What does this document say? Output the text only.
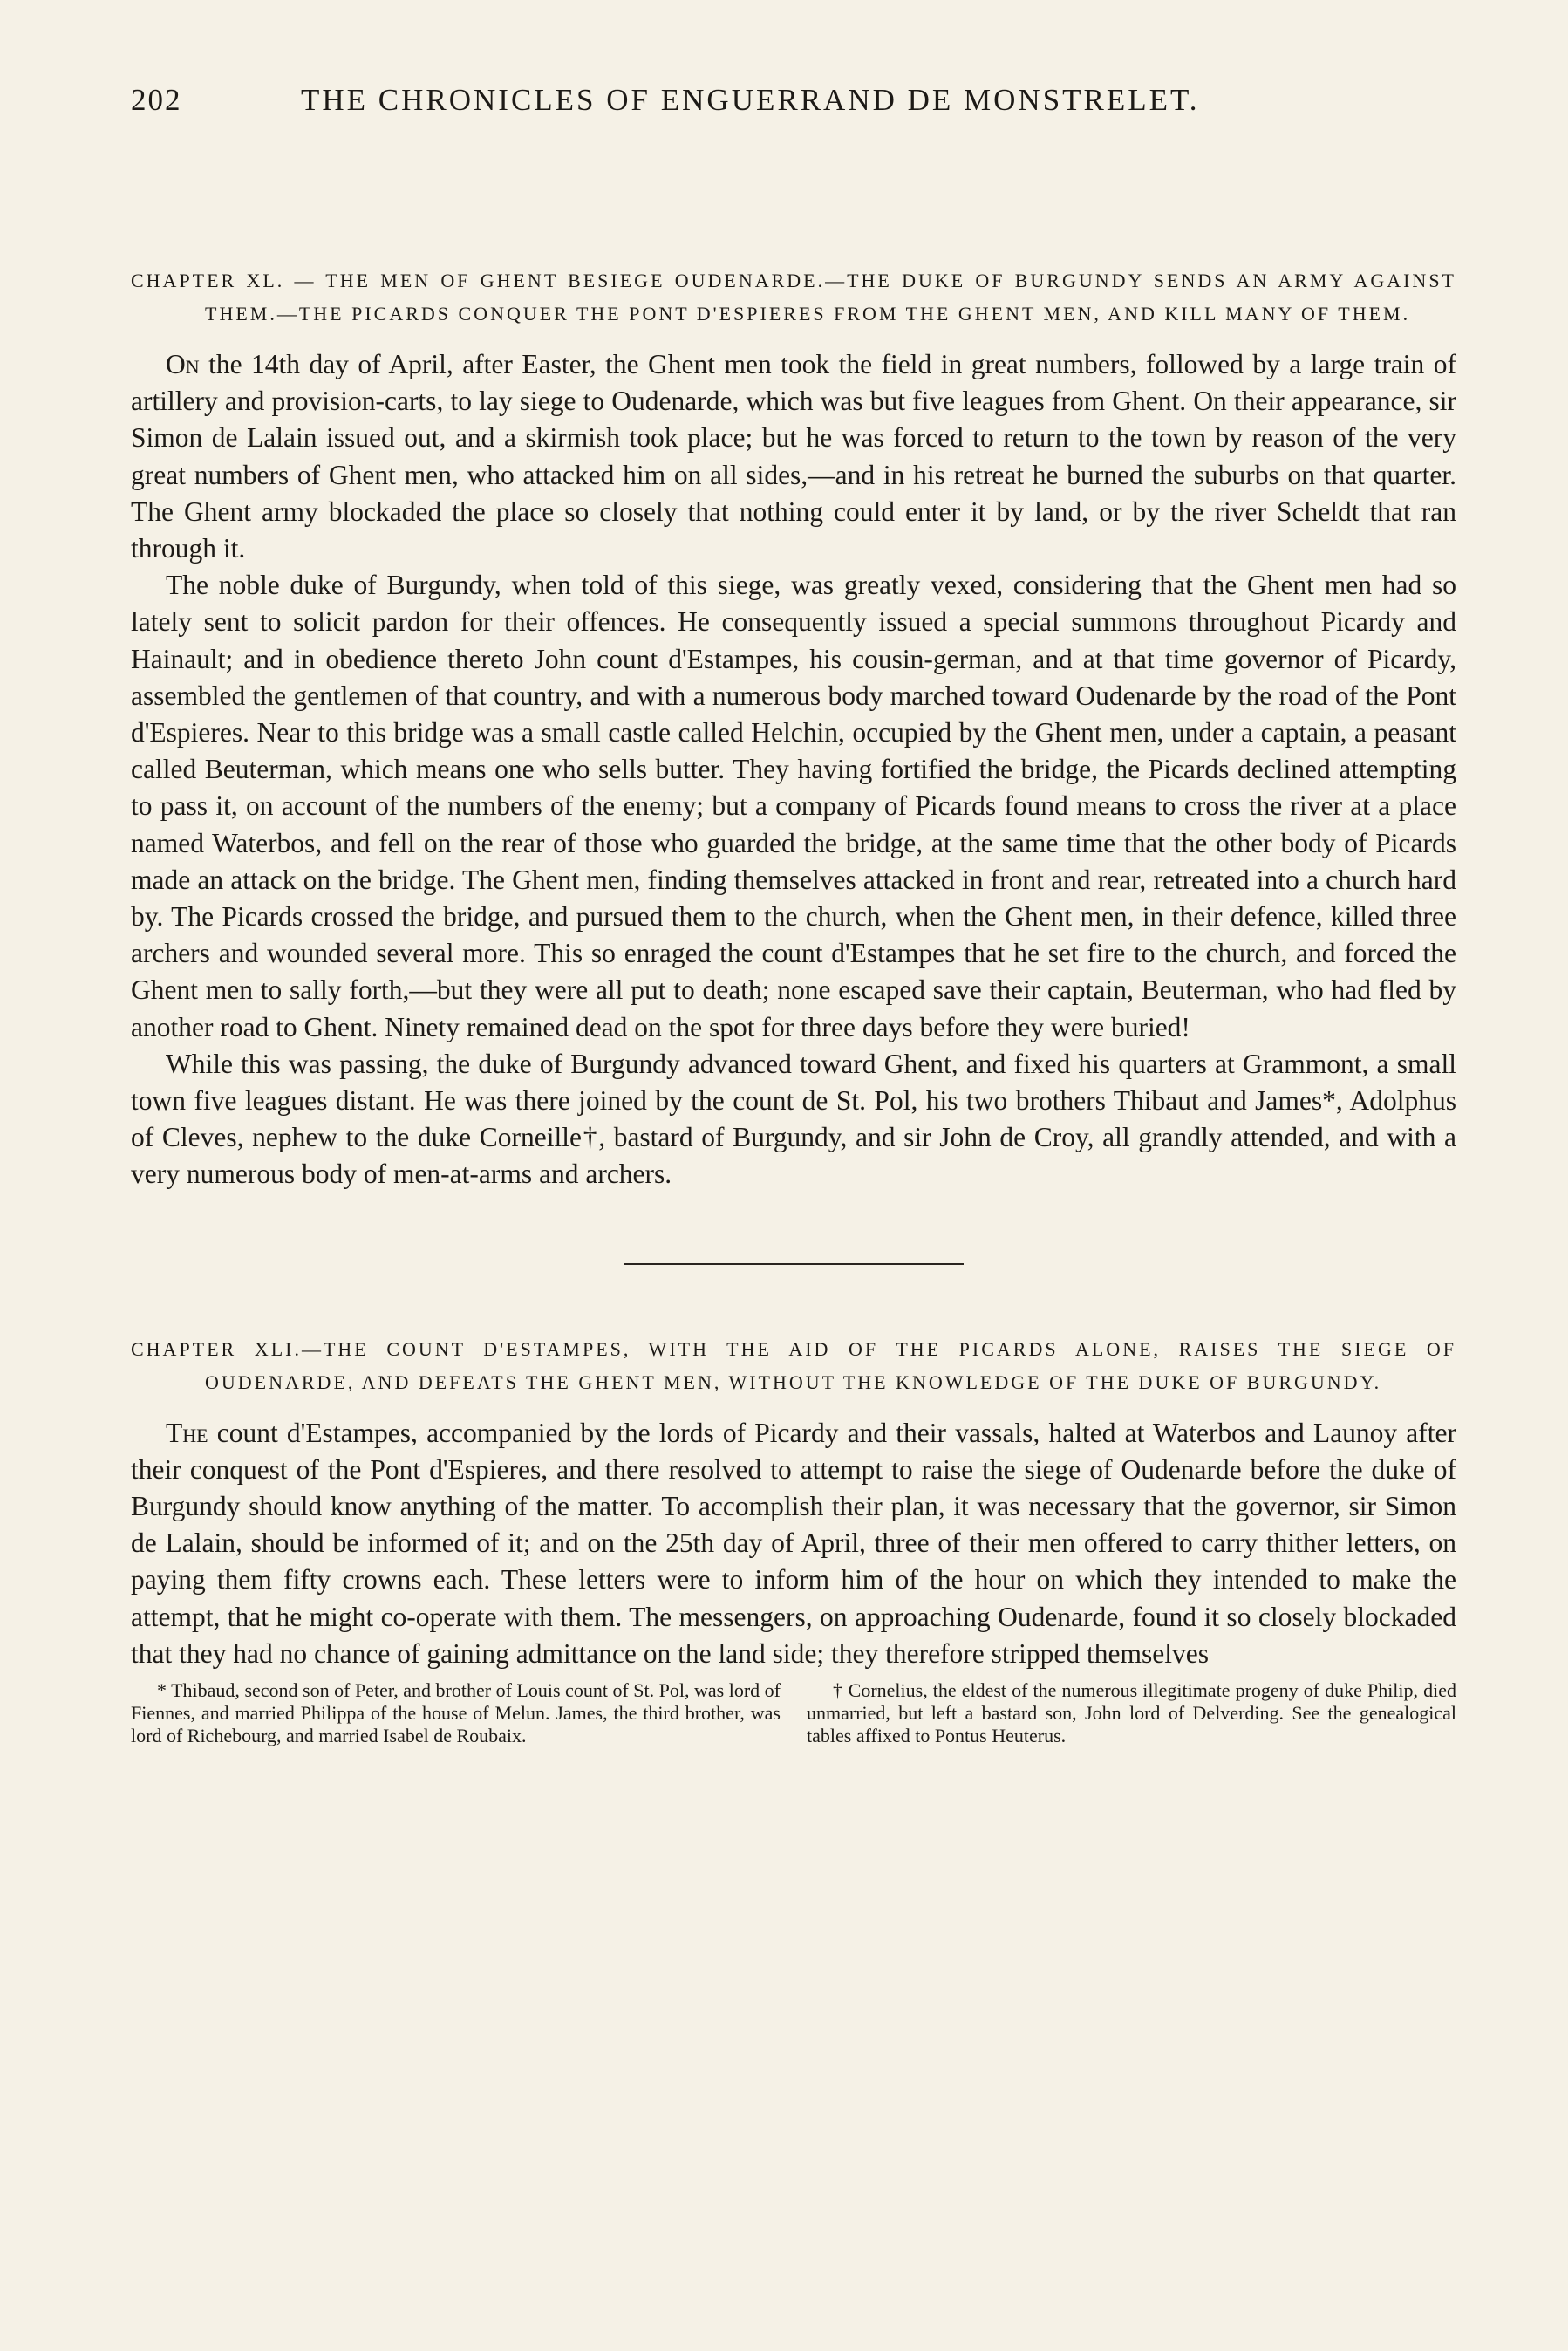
202	THE CHRONICLES OF ENGUERRAND DE MONSTRELET.

CHAPTER XL. — THE MEN OF GHENT BESIEGE OUDENARDE.—THE DUKE OF BURGUNDY SENDS AN ARMY AGAINST THEM.—THE PICARDS CONQUER THE PONT D'ESPIERES FROM THE GHENT MEN, AND KILL MANY OF THEM.

On the 14th day of April, after Easter, the Ghent men took the field in great numbers, followed by a large train of artillery and provision-carts, to lay siege to Oudenarde, which was but five leagues from Ghent. On their appearance, sir Simon de Lalain issued out, and a skirmish took place; but he was forced to return to the town by reason of the very great numbers of Ghent men, who attacked him on all sides,—and in his retreat he burned the suburbs on that quarter. The Ghent army blockaded the place so closely that nothing could enter it by land, or by the river Scheldt that ran through it.

The noble duke of Burgundy, when told of this siege, was greatly vexed, considering that the Ghent men had so lately sent to solicit pardon for their offences. He consequently issued a special summons throughout Picardy and Hainault; and in obedience thereto John count d'Estampes, his cousin-german, and at that time governor of Picardy, assembled the gentlemen of that country, and with a numerous body marched toward Oudenarde by the road of the Pont d'Espieres. Near to this bridge was a small castle called Helchin, occupied by the Ghent men, under a captain, a peasant called Beuterman, which means one who sells butter. They having fortified the bridge, the Picards declined attempting to pass it, on account of the numbers of the enemy; but a company of Picards found means to cross the river at a place named Waterbos, and fell on the rear of those who guarded the bridge, at the same time that the other body of Picards made an attack on the bridge. The Ghent men, finding themselves attacked in front and rear, retreated into a church hard by. The Picards crossed the bridge, and pursued them to the church, when the Ghent men, in their defence, killed three archers and wounded several more. This so enraged the count d'Estampes that he set fire to the church, and forced the Ghent men to sally forth,—but they were all put to death; none escaped save their captain, Beuterman, who had fled by another road to Ghent. Ninety remained dead on the spot for three days before they were buried!

While this was passing, the duke of Burgundy advanced toward Ghent, and fixed his quarters at Grammont, a small town five leagues distant. He was there joined by the count de St. Pol, his two brothers Thibaut and James*, Adolphus of Cleves, nephew to the duke Corneille†, bastard of Burgundy, and sir John de Croy, all grandly attended, and with a very numerous body of men-at-arms and archers.

CHAPTER XLI.—THE COUNT D'ESTAMPES, WITH THE AID OF THE PICARDS ALONE, RAISES THE SIEGE OF OUDENARDE, AND DEFEATS THE GHENT MEN, WITHOUT THE KNOWLEDGE OF THE DUKE OF BURGUNDY.

The count d'Estampes, accompanied by the lords of Picardy and their vassals, halted at Waterbos and Launoy after their conquest of the Pont d'Espieres, and there resolved to attempt to raise the siege of Oudenarde before the duke of Burgundy should know anything of the matter. To accomplish their plan, it was necessary that the governor, sir Simon de Lalain, should be informed of it; and on the 25th day of April, three of their men offered to carry thither letters, on paying them fifty crowns each. These letters were to inform him of the hour on which they intended to make the attempt, that he might co-operate with them. The messengers, on approaching Oudenarde, found it so closely blockaded that they had no chance of gaining admittance on the land side; they therefore stripped themselves

* Thibaud, second son of Peter, and brother of Louis count of St. Pol, was lord of Fiennes, and married Philippa of the house of Melun. James, the third brother, was lord of Richebourg, and married Isabel de Roubaix.

† Cornelius, the eldest of the numerous illegitimate progeny of duke Philip, died unmarried, but left a bastard son, John lord of Delverding. See the genealogical tables affixed to Pontus Heuterus.
